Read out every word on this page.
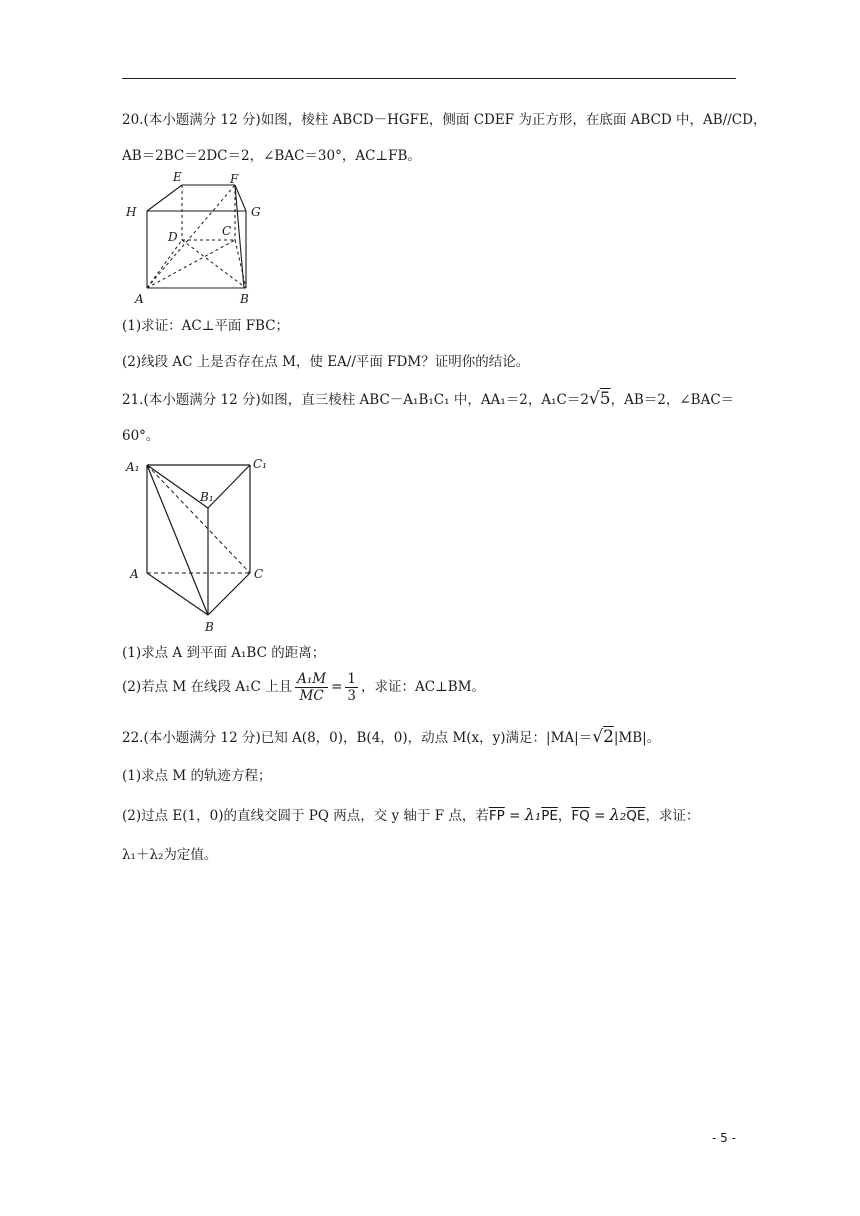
20.(本小题满分 12 分)如图，棱柱 ABCD－HGFE，侧面 CDEF 为正方形，在底面 ABCD 中，AB//CD，
AB＝2BC＝2DC＝2，∠BAC＝30°，AC⊥FB。
E	F
H	G
D	C
A	B
(1)求证：AC⊥平面 FBC；
(2)线段 AC 上是否存在点 M，使 EA//平面 FDM？证明你的结论。
21.(本小题满分 12 分)如图，直三棱柱 ABC－A₁B₁C₁ 中，AA₁＝2，A₁C＝2√5，AB＝2，∠BAC＝
60°。
A₁	C₁
B₁
A	C
B
(1)求点 A 到平面 A₁BC 的距离；
(2)若点 M 在线段 A₁C 上且 $\frac{\text{A₁M}}{MC} = \frac{1}{3}$ ，求证：AC⊥BM。
22.(本小题满分 12 分)已知 A(8，0)，B(4，0)，动点 M(x，y)满足：|MA|＝√2|MB|。
(1)求点 M 的轨迹方程；
(2)过点 E(1，0)的直线交圆于 PQ 两点，交 y 轴于 F 点，若$\overline{FP} = \lambda_1\overline{PE}$，$\overline{FQ} = \lambda_2\overline{QE}$，求证：
λ₁＋λ₂为定值。
- 5 -
